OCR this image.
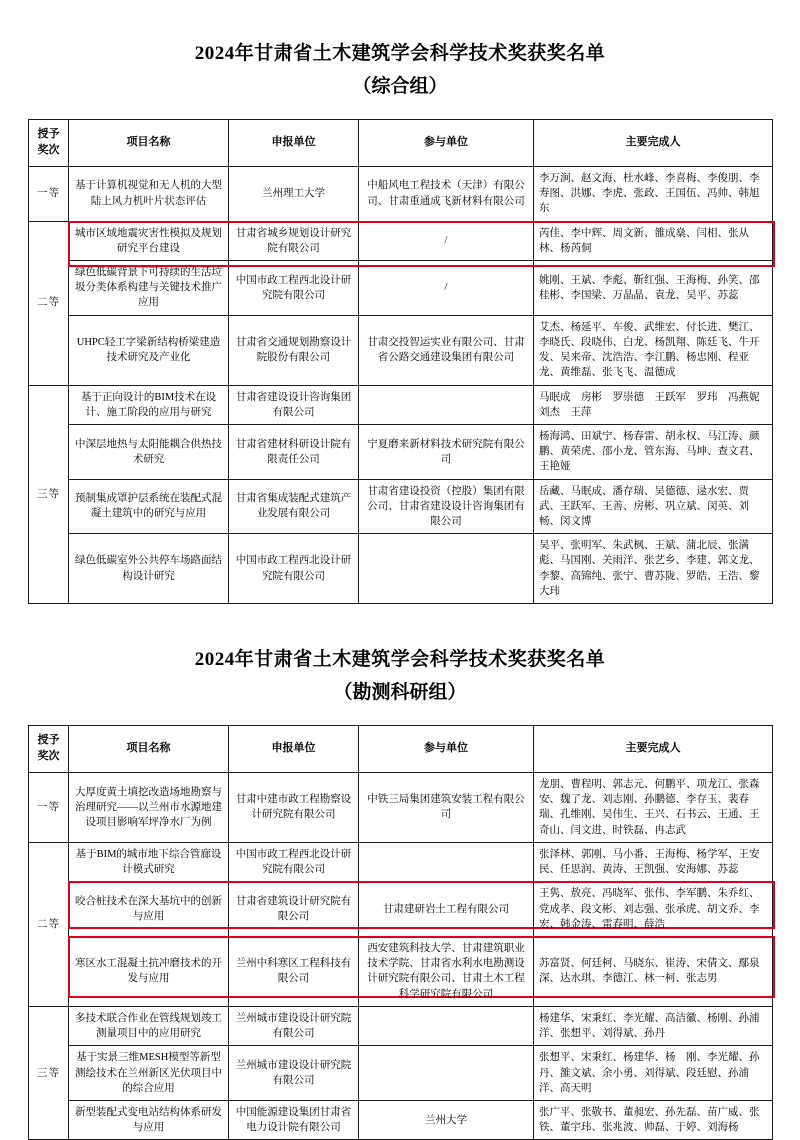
2024年甘肃省土木建筑学会科学技术奖获奖名单
（综合组）
授予
奖次	项目名称	申报单位	参与单位	主要完成人
一等	基于计算机视觉和无人机的大型陆上风力机叶片状态评估	兰州理工大学	中船风电工程技术（天津）有限公司、甘肃重通成飞新材料有限公司	李万涧、赵文海、杜水峰、李喜梅、李俊朋、李寿图、洪娜、李虎、张政、王国伍、冯帅、韩旭东
二等	城市区域地震灾害性模拟及规划研究平台建设	甘肃省城乡规划设计研究院有限公司	/	芮佳、李中辉、周文新、雒成燊、闫相、张从林、杨芮侗
	绿色低碳背景下可持续的生活垃圾分类体系构建与关键技术推广应用	中国市政工程西北设计研究院有限公司	/	姚刚、王斌、李彪、靳红强、王海梅、孙笑、邵桂彬、李国梁、万晶晶、袁龙、吴平、苏蕊
	UHPC轻工字梁新结构桥梁建造技术研究及产业化	甘肃省交通规划勘察设计院股份有限公司	甘肃交投智运实业有限公司、甘肃省公路交通建设集团有限公司	艾杰、杨延平、车俊、武维宏、付长进、樊江、李晓氏、段晓伟、白龙、杨凯翔、陈廷飞、牛开发、吴来帝、沈浩浩、李江鹏、杨忠刚、程亚龙、黄维磊、张飞飞、温德成
三等	基于正向设计的BIM技术在设计、施工阶段的应用与研究	甘肃省建设设计咨询集团有限公司		马眠成　房彬　罗崇德　王跃军　罗玮　冯燕妮　刘杰　王萍
	中深层地热与太阳能耦合供热技术研究	甘肃省建材科研设计院有限责任公司	宁夏磨来新材料技术研究院有限公司	杨海鸿、田斌宁、杨春雷、胡永权、马江涛、颜鹏、黄荣虎、邵小龙、管东海、马坤、查文君、王艳娅
	预制集成罩护层系统在装配式混凝土建筑中的研究与应用	甘肃省集成装配式建筑产业发展有限公司	甘肃省建设投资（控股）集团有限公司、甘肃省建设设计咨询集团有限公司	岳藏、马眠成、潘存瑞、吴德德、逯水宏、贾武、王跃军、王善、房彬、巩立斌、闵英、刘畅、闵文博
	绿色低碳室外公共停车场路面结构设计研究	中国市政工程西北设计研究院有限公司		吴平、张明军、朱武枫、王斌、蒲北辰、张满彪、马国刚、关雨洋、张艺乡、李建、郭文龙、李黎、高锦纯、张宁、曹苏陇、罗皓、王浩、黎大玮
2024年甘肃省土木建筑学会科学技术奖获奖名单
（勘测科研组）
授予
奖次	项目名称	申报单位	参与单位	主要完成人
一等	大厚度黄土填挖改造场地勘察与治理研究——以兰州市水源地建设项目影响军坪净水厂为例	甘肃中建市政工程勘察设计研究院有限公司	中铁三局集团建筑安装工程有限公司	龙朋、曹程明、郭志元、何鹏平、项龙江、张森安、魏了龙、刘志刚、孙鹏德、李存玉、裴春瑞、孔维刚、吴伟生、王兴、石书云、王通、王奇山、闫文进、时铁磊、冉志武
二等	基于BIM的城市地下综合管廊设计模式研究	中国市政工程西北设计研究院有限公司		张泽林、郭刚、马小番、王海梅、杨学军、王安民、任思润、黄涛、王凯强、安海娜、苏蕊
	咬合桩技术在深大基坑中的创新与应用	甘肃省建筑设计研究院有限公司	甘肃建研岩土工程有限公司	王隽、敖亮、冯晓军、张伟、李军鹏、朱乔红、党成孝、段文彬、刘志强、张承虎、胡文乔、李宏、韩金涛、雷春明、薛浩
	寒区水工混凝土抗冲磨技术的开发与应用	兰州中科寒区工程科技有限公司	西安建筑科技大学、甘肃建筑职业技术学院、甘肃省水利水电勘测设计研究院有限公司、甘肃土木工程科学研究院有限公司	苏富贤、何廷柯、马晓东、崔涛、宋倩文、鄢泉深、达水琪、李德江、林一柯、张志男
三等	多技术联合作业在管线规划竣工测量项目中的应用研究	兰州城市建设设计研究院有限公司		杨建华、宋秉红、李光耀、高洁徽、杨刚、孙浦洋、张想平、刘得斌、孙丹
	基于实景三维MESH模型等新型测绘技术在兰州新区光伏项目中的综合应用	兰州城市建设设计研究院有限公司		张想平、宋秉红、杨建华、杨　刚、李光耀、孙　丹、雒文斌、余小勇、刘得斌、段廷慰、孙浦洋、高天明
	新型装配式变电站结构体系研发与应用	中国能源建设集团甘肃省电力设计院有限公司	兰州大学	张广平、张敬书、董昶宏、孙先磊、苗广威、张铁、董宇玮、张兆波、帅磊、于婷、刘海杨
